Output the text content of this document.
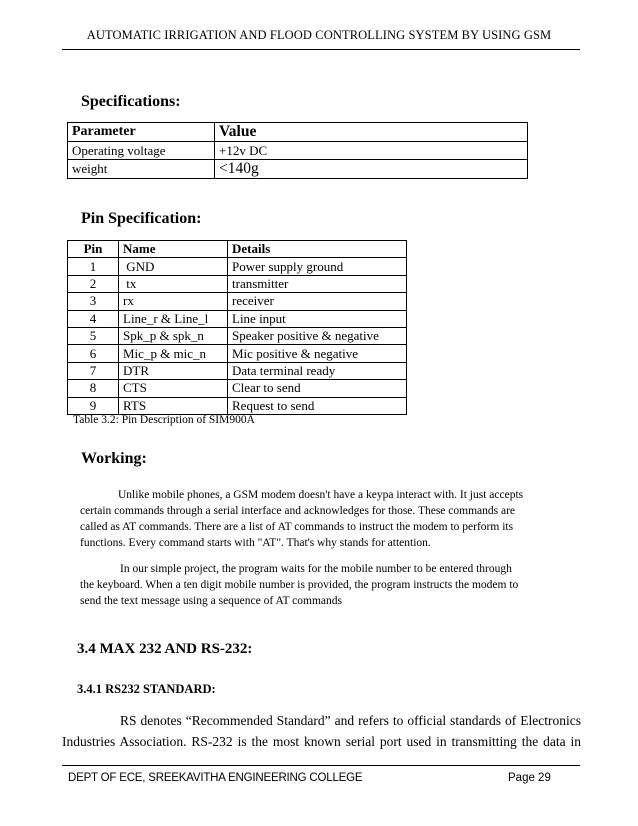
AUTOMATIC IRRIGATION AND FLOOD CONTROLLING SYSTEM BY USING GSM
Specifications:
Parameter	Value
Operating voltage	+12v DC
weight	<140g
Pin Specification:
Pin	Name	Details
1	GND	Power supply ground
2	tx	transmitter
3	rx	receiver
4	Line_r & Line_l	Line input
5	Spk_p & spk_n	Speaker positive & negative
6	Mic_p & mic_n	Mic positive & negative
7	DTR	Data terminal ready
8	CTS	Clear to send
9	RTS	Request to send
Table 3.2: Pin Description of SIM900A
Working:
Unlike mobile phones, a GSM modem doesn't have a keypa interact with. It just accepts
certain commands through a serial interface and acknowledges for those. These commands are
called as AT commands. There are a list of AT commands to instruct the modem to perform its
functions. Every command starts with "AT". That's why stands for attention.
In our simple project, the program waits for the mobile number to be entered through
the keyboard. When a ten digit mobile number is provided, the program instructs the modem to
send the text message using a sequence of AT commands
3.4 MAX 232 AND RS-232:
3.4.1 RS232 STANDARD:
RS denotes “Recommended Standard” and refers to official standards of Electronics
Industries Association. RS-232 is the most known serial port used in transmitting the data in
DEPT OF ECE, SREEKAVITHA ENGINEERING COLLEGE	Page 29
